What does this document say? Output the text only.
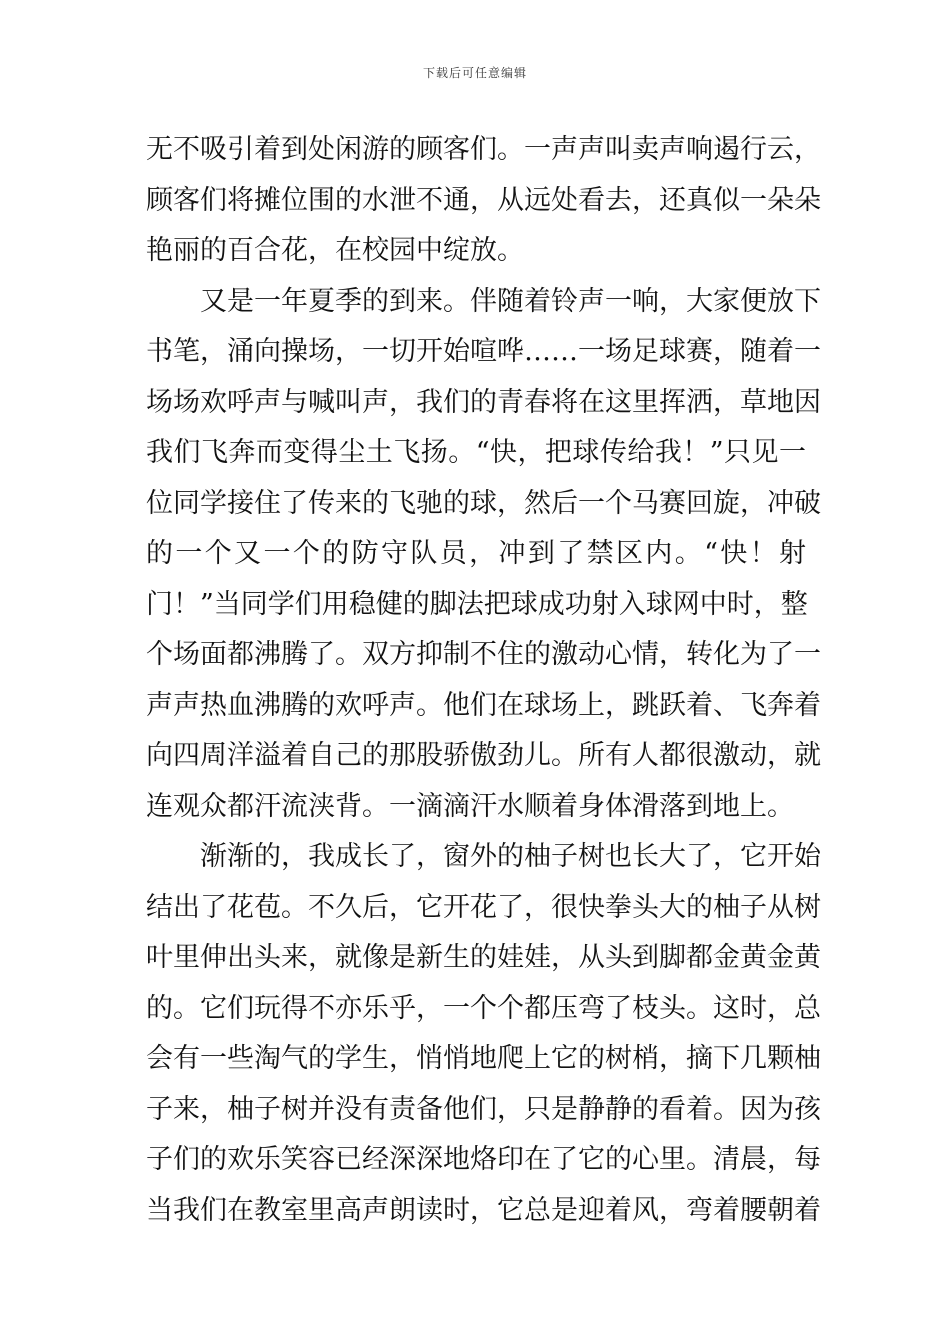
下载后可任意编辑
无不吸引着到处闲游的顾客们。一声声叫卖声响遏行云，
顾客们将摊位围的水泄不通，从远处看去，还真似一朵朵
艳丽的百合花，在校园中绽放。
又是一年夏季的到来。伴随着铃声一响，大家便放下
书笔，涌向操场，一切开始喧哗……一场足球赛，随着一
场场欢呼声与喊叫声，我们的青春将在这里挥洒，草地因
我们飞奔而变得尘土飞扬。“快，把球传给我！”只见一
位同学接住了传来的飞驰的球，然后一个马赛回旋，冲破
的一个又一个的防守队员，冲到了禁区内。“快！射
门！”当同学们用稳健的脚法把球成功射入球网中时，整
个场面都沸腾了。双方抑制不住的激动心情，转化为了一
声声热血沸腾的欢呼声。他们在球场上，跳跃着、飞奔着
向四周洋溢着自己的那股骄傲劲儿。所有人都很激动，就
连观众都汗流浃背。一滴滴汗水顺着身体滑落到地上。
渐渐的，我成长了，窗外的柚子树也长大了，它开始
结出了花苞。不久后，它开花了，很快拳头大的柚子从树
叶里伸出头来，就像是新生的娃娃，从头到脚都金黄金黄
的。它们玩得不亦乐乎，一个个都压弯了枝头。这时，总
会有一些淘气的学生，悄悄地爬上它的树梢，摘下几颗柚
子来，柚子树并没有责备他们，只是静静的看着。因为孩
子们的欢乐笑容已经深深地烙印在了它的心里。清晨，每
当我们在教室里高声朗读时，它总是迎着风，弯着腰朝着
